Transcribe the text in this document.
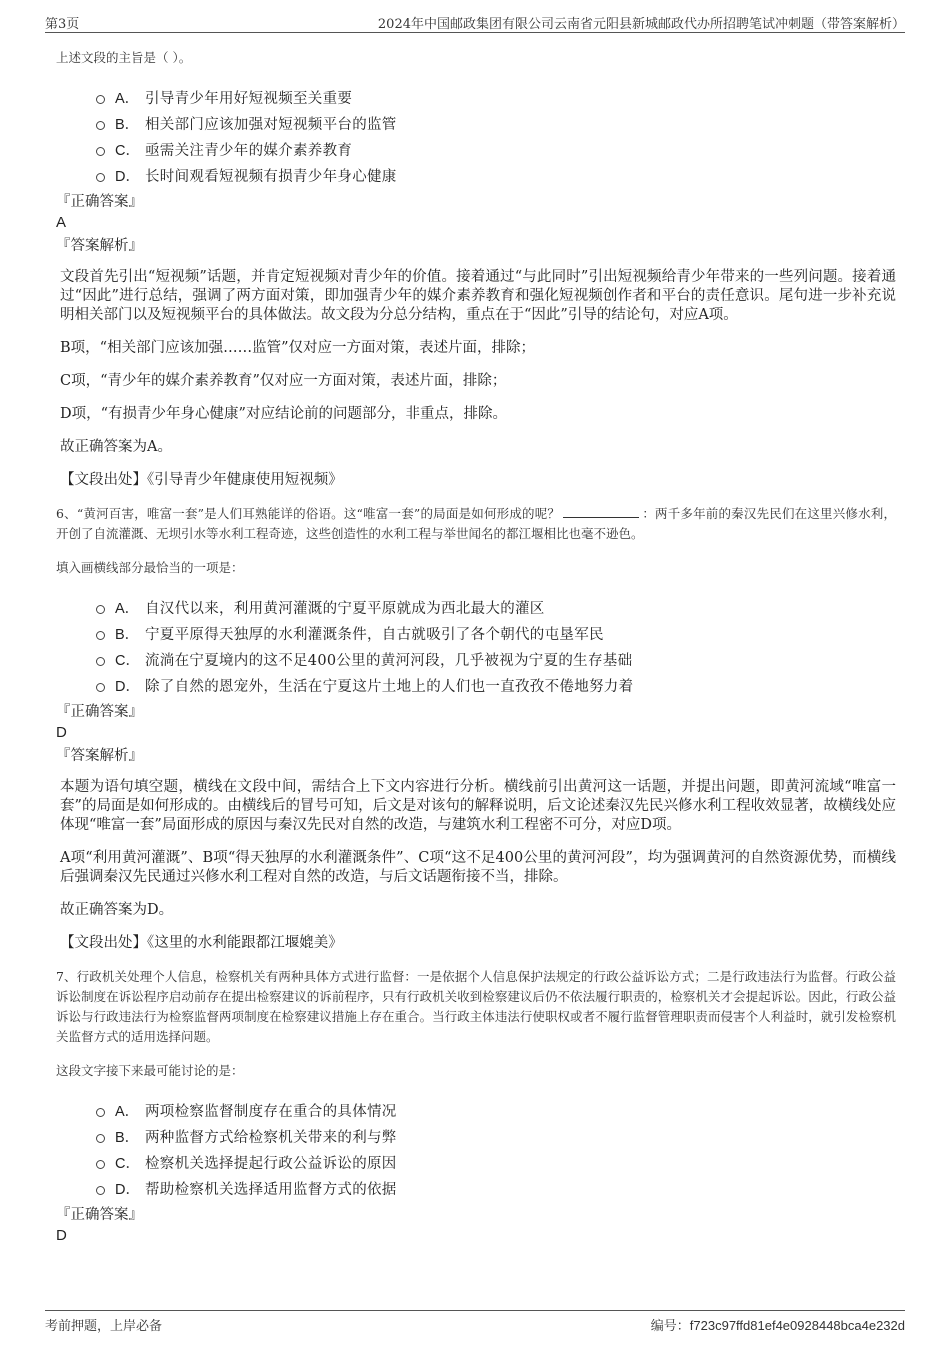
第3页	2024年中国邮政集团有限公司云南省元阳县新城邮政代办所招聘笔试冲刺题（带答案解析）
上述文段的主旨是（ ）。
A． 引导青少年用好短视频至关重要
B． 相关部门应该加强对短视频平台的监管
C． 亟需关注青少年的媒介素养教育
D． 长时间观看短视频有损青少年身心健康
『正确答案』
A
『答案解析』

文段首先引出“短视频”话题，并肯定短视频对青少年的价值。接着通过“与此同时”引出短视频给青少年带来的一些列问题。接着通过“因此”进行总结，强调了两方面对策，即加强青少年的媒介素养教育和强化短视频创作者和平台的责任意识。尾句进一步补充说明相关部门以及短视频平台的具体做法。故文段为分总分结构，重点在于“因此”引导的结论句，对应A项。

B项，“相关部门应该加强……监管”仅对应一方面对策，表述片面，排除；

C项，“青少年的媒介素养教育”仅对应一方面对策，表述片面，排除；

D项，“有损青少年身心健康”对应结论前的问题部分，非重点，排除。

故正确答案为A。

【文段出处】《引导青少年健康使用短视频》
6、“黄河百害，唯富一套”是人们耳熟能详的俗语。这“唯富一套”的局面是如何形成的呢？	：两千多年前的秦汉先民们在这里兴修水利，开创了自流灌溉、无坝引水等水利工程奇迹，这些创造性的水利工程与举世闻名的都江堰相比也毫不逊色。
填入画横线部分最恰当的一项是：
A． 自汉代以来，利用黄河灌溉的宁夏平原就成为西北最大的灌区
B． 宁夏平原得天独厚的水利灌溉条件，自古就吸引了各个朝代的屯垦军民
C． 流淌在宁夏境内的这不足400公里的黄河河段，几乎被视为宁夏的生存基础
D． 除了自然的恩宠外，生活在宁夏这片土地上的人们也一直孜孜不倦地努力着
『正确答案』
D
『答案解析』

本题为语句填空题，横线在文段中间，需结合上下文内容进行分析。横线前引出黄河这一话题，并提出问题，即黄河流域“唯富一套”的局面是如何形成的。由横线后的冒号可知，后文是对该句的解释说明，后文论述秦汉先民兴修水利工程收效显著，故横线处应体现“唯富一套”局面形成的原因与秦汉先民对自然的改造，与建筑水利工程密不可分，对应D项。

A项“利用黄河灌溉”、B项“得天独厚的水利灌溉条件”、C项“这不足400公里的黄河河段”，均为强调黄河的自然资源优势，而横线后强调秦汉先民通过兴修水利工程对自然的改造，与后文话题衔接不当，排除。

故正确答案为D。

【文段出处】《这里的水利能跟都江堰媲美》
7、行政机关处理个人信息，检察机关有两种具体方式进行监督：一是依据个人信息保护法规定的行政公益诉讼方式；二是行政违法行为监督。行政公益诉讼制度在诉讼程序启动前存在提出检察建议的诉前程序，只有行政机关收到检察建议后仍不依法履行职责的，检察机关才会提起诉讼。因此，行政公益诉讼与行政违法行为检察监督两项制度在检察建议措施上存在重合。当行政主体违法行使职权或者不履行监督管理职责而侵害个人利益时，就引发检察机关监督方式的适用选择问题。
这段文字接下来最可能讨论的是：
A． 两项检察监督制度存在重合的具体情况
B． 两种监督方式给检察机关带来的利与弊
C． 检察机关选择提起行政公益诉讼的原因
D． 帮助检察机关选择适用监督方式的依据
『正确答案』
D
考前押题，上岸必备	编号：f723c97ffd81ef4e0928448bca4e232d
